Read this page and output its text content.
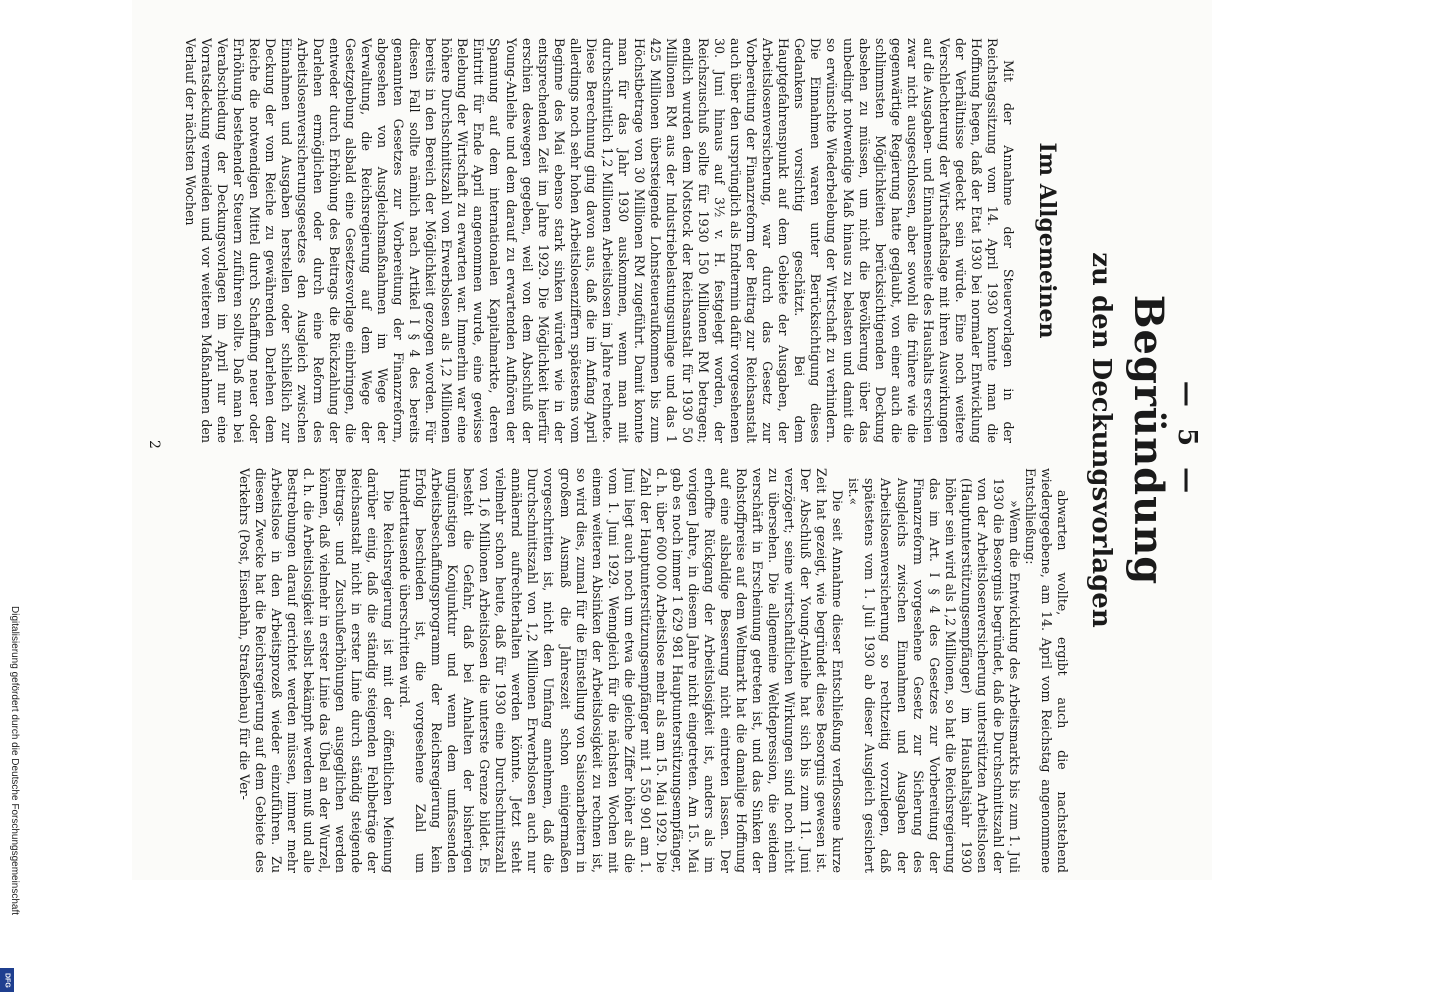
— 5 —
Begründung
zu den Deckungsvorlagen
Im Allgemeinen

Mit der Annahme der Steuervorlagen in der Reichstagssitzung vom 14. April 1930 konnte man die Hoffnung hegen, daß der Etat 1930 bei normaler Entwicklung der Verhältnisse gedeckt sein würde. Eine noch weitere Verschlechterung der Wirtschaftslage mit ihren Auswirkungen auf die Ausgaben- und Einnahmenseite des Haushalts erschien zwar nicht ausgeschlossen, aber sowohl die frühere wie die gegenwärtige Regierung hatte geglaubt, von einer auch die schlimmsten Möglichkeiten berücksichtigenden Deckung absehen zu müssen, um nicht die Bevölkerung über das unbedingt notwendige Maß hinaus zu belasten und damit die so erwünschte Wiederbelebung der Wirtschaft zu verhindern. Die Einnahmen waren unter Berücksichtigung dieses Gedankens vorsichtig geschätzt. Bei dem Hauptgefahrenspunkt auf dem Gebiete der Ausgaben, der Arbeitslosenversicherung, war durch das Gesetz zur Vorbereitung der Finanzreform der Beitrag zur Reichsanstalt auch über den ursprünglich als Endtermin dafür vorgesehenen 30. Juni hinaus auf 3½ v. H. festgelegt worden, der Reichszuschuß sollte für 1930 150 Millionen RM betragen; endlich wurden dem Notstock der Reichsanstalt für 1930 50 Millionen RM aus der Industriebelastungsumlage und das 1 425 Millionen übersteigende Lohnsteueraufkommen bis zum Höchstbetrage von 30 Millionen RM zugeführt. Damit konnte man für das Jahr 1930 auskommen, wenn man mit durchschnittlich 1,2 Millionen Arbeitslosen im Jahre rechnete. Diese Berechnung ging davon aus, daß die im Anfang April allerdings noch sehr hohen Arbeitslosenziffern spätestens vom Beginne des Mai ebenso stark sinken würden wie in der entsprechenden Zeit im Jahre 1929. Die Möglichkeit hierfür erschien deswegen gegeben, weil von dem Abschluß der Young-Anleihe und dem darauf zu erwartenden Aufhören der Spannung auf dem internationalen Kapitalmarkte, deren Eintritt für Ende April angenommen wurde, eine gewisse Belebung der Wirtschaft zu erwarten war. Immerhin war eine höhere Durchschnittszahl von Erwerbslosen als 1,2 Millionen bereits in den Bereich der Möglichkeit gezogen worden. Für diesen Fall sollte nämlich nach Artikel I § 4 des bereits genannten Gesetzes zur Vorbereitung der Finanzreform, abgesehen von Ausgleichsmaßnahmen im Wege der Verwaltung, die Reichsregierung auf dem Wege der Gesetzgebung alsbald eine Gesetzesvorlage einbringen, die entweder durch Erhöhung des Beitrags die Rückzahlung der Darlehen ermöglichen oder durch eine Reform des Arbeitslosenversicherungsgesetzes den Ausgleich zwischen Einnahmen und Ausgaben herstellen oder schließlich zur Deckung der vom Reiche zu gewährenden Darlehen dem Reiche die notwendigen Mittel durch Schaffung neuer oder Erhöhung bestehender Steuern zuführen sollte. Daß man bei Verabschiedung der Deckungsvorlagen im April nur eine Vorratsdeckung vermeiden und vor weiteren Maßnahmen den Verlauf der nächsten Wochen

abwarten wollte, ergibt auch die nachstehend wiedergegebene, am 14. April vom Reichstag angenommene Entschließung:

»Wenn die Entwicklung des Arbeitsmarkts bis zum 1. Juli 1930 die Besorgnis begründet, daß die Durchschnittszahl der von der Arbeitslosenversicherung unterstützten Arbeitslosen (Hauptunterstützungsempfänger) im Haushaltsjahr 1930 höher sein wird als 1,2 Millionen, so hat die Reichsregierung das im Art. I § 4 des Gesetzes zur Vorbereitung der Finanzreform vorgesehene Gesetz zur Sicherung des Ausgleichs zwischen Einnahmen und Ausgaben der Arbeitslosenversicherung so rechtzeitig vorzulegen, daß spätestens vom 1. Juli 1930 ab dieser Ausgleich gesichert ist.«

Die seit Annahme dieser Entschließung verflossene kurze Zeit hat gezeigt, wie begründet diese Besorgnis gewesen ist. Der Abschluß der Young-Anleihe hat sich bis zum 11. Juni verzögert; seine wirtschaftlichen Wirkungen sind noch nicht zu übersehen. Die allgemeine Weltdepression, die seitdem verschärft in Erscheinung getreten ist, und das Sinken der Rohstoffpreise auf dem Weltmarkt hat die damalige Hoffnung auf eine alsbaldige Besserung nicht eintreten lassen. Der erhoffte Rückgang der Arbeitslosigkeit ist, anders als im vorigen Jahre, in diesem Jahre nicht eingetreten. Am 15. Mai gab es noch immer 1 629 981 Hauptunterstützungsempfänger, d. h. über 600 000 Arbeitslose mehr als am 15. Mai 1929. Die Zahl der Hauptunterstützungsempfänger mit 1 550 901 am 1. Juni liegt auch noch um etwa die gleiche Ziffer höher als die vom 1. Juni 1929. Wenngleich für die nächsten Wochen mit einem weiteren Absinken der Arbeitslosigkeit zu rechnen ist, so wird dies, zumal für die Einstellung von Saisonarbeitern in großem Ausmaß die Jahreszeit schon einigermaßen vorgeschritten ist, nicht den Umfang annehmen, daß die Durchschnittszahl von 1,2 Millionen Erwerbslosen auch nur annähernd aufrechterhalten werden könnte. Jetzt steht vielmehr schon heute, daß für 1930 eine Durchschnittszahl von 1,6 Millionen Arbeitslosen die unterste Grenze bildet. Es besteht die Gefahr, daß bei Anhalten der bisherigen ungünstigen Konjunktur und wenn dem umfassenden Arbeitsbeschaffungsprogramm der Reichsregierung kein Erfolg beschieden ist, die vorgesehene Zahl um Hunderttausende überschritten wird.

Die Reichsregierung ist mit der öffentlichen Meinung darüber einig, daß die ständig steigenden Fehlbeträge der Reichsanstalt nicht in erster Linie durch ständig steigende Beitrags- und Zuschußerhöhungen ausgeglichen werden können, daß vielmehr in erster Linie das Übel an der Wurzel, d. h. die Arbeitslosigkeit selbst bekämpft werden muß und alle Bestrebungen darauf gerichtet werden müssen, immer mehr Arbeitslose in den Arbeitsprozeß wieder einzuführen. Zu diesem Zwecke hat die Reichsregierung auf dem Gebiete des Verkehrs (Post, Eisenbahn, Straßenbau) für die Ver-

2
Digitalisierung gefördert durch die Deutsche Forschungsgemeinschaft
DFG
